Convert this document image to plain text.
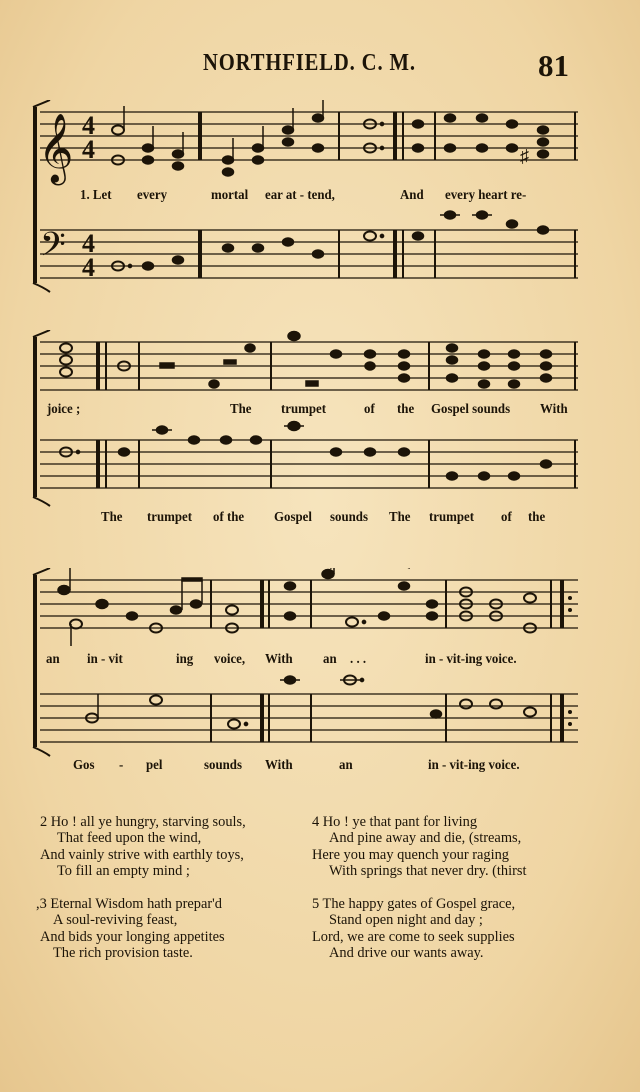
NORTHFIELD. C. M.	81
𝄞 4
4
𝄢 4
4
♯
1. Let every	mortal ear at - tend,	And every heart re-
joice ;	The trumpet	of the Gospel sounds With
The trumpet of the Gospel sounds The trumpet of the
an in - vit	ing voice, With an . . .	in - vit-ing voice.
Gos - pel	sounds With	an	in - vit-ing voice.
2 Ho ! all ye hungry, starving souls,
That feed upon the wind,
And vainly strive with earthly toys,
To fill an empty mind ;
4 Ho ! ye that pant for living
And pine away and die, (streams,
Here you may quench your raging
With springs that never dry. (thirst
,3 Eternal Wisdom hath prepar'd
A soul-reviving feast,
And bids your longing appetites
The rich provision taste.
5 The happy gates of Gospel grace,
Stand open night and day ;
Lord, we are come to seek supplies
And drive our wants away.
